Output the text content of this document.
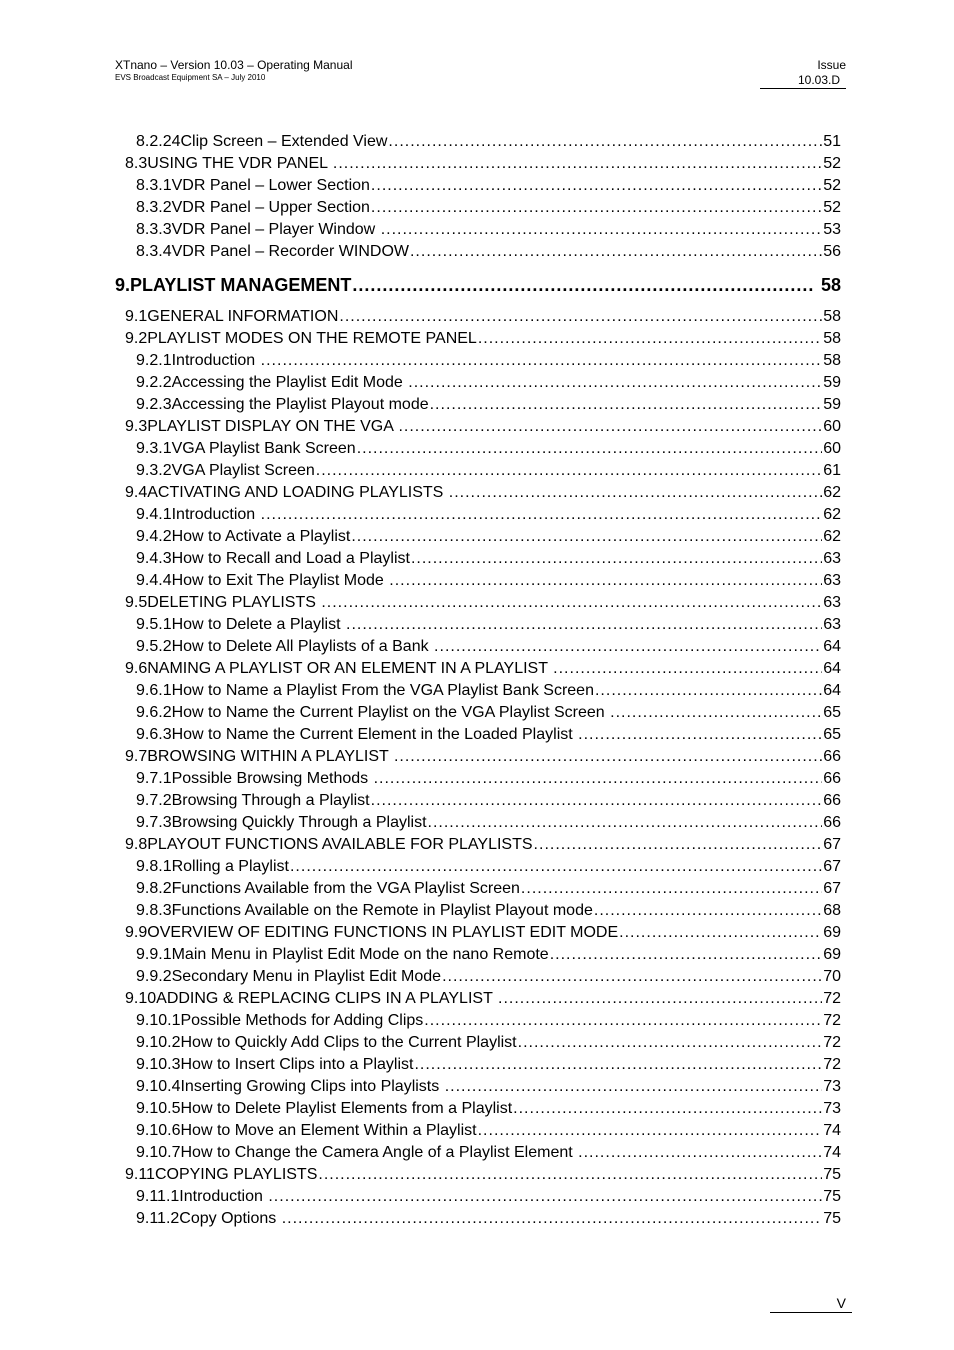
XTnano – Version 10.03 – Operating Manual
EVS Broadcast Equipment SA – July 2010
Issue
10.03.D
8.2.24 Clip Screen – Extended View .....	51
8.3 USING THE VDR PANEL .....	52
8.3.1 VDR Panel – Lower Section .....	52
8.3.2 VDR Panel – Upper Section .....	52
8.3.3 VDR Panel – Player Window .....	53
8.3.4 VDR Panel – Recorder WINDOW .....	56
9. PLAYLIST MANAGEMENT .....	58
9.1 GENERAL INFORMATION .....	58
9.2 PLAYLIST MODES ON THE REMOTE PANEL .....	58
9.2.1 Introduction .....	58
9.2.2 Accessing the Playlist Edit Mode .....	59
9.2.3 Accessing the Playlist Playout mode .....	59
9.3 PLAYLIST DISPLAY ON THE VGA .....	60
9.3.1 VGA Playlist Bank Screen .....	60
9.3.2 VGA Playlist Screen .....	61
9.4 ACTIVATING AND LOADING PLAYLISTS .....	62
9.4.1 Introduction .....	62
9.4.2 How to Activate a Playlist .....	62
9.4.3 How to Recall and Load a Playlist .....	63
9.4.4 How to Exit The Playlist Mode .....	63
9.5 DELETING PLAYLISTS .....	63
9.5.1 How to Delete a Playlist .....	63
9.5.2 How to Delete All Playlists of a Bank .....	64
9.6 NAMING A PLAYLIST OR AN ELEMENT IN A PLAYLIST .....	64
9.6.1 How to Name a Playlist From the VGA Playlist Bank Screen .....	64
9.6.2 How to Name the Current Playlist on the VGA Playlist Screen .....	65
9.6.3 How to Name the Current Element in the Loaded Playlist .....	65
9.7 BROWSING WITHIN A PLAYLIST .....	66
9.7.1 Possible Browsing Methods .....	66
9.7.2 Browsing Through a Playlist .....	66
9.7.3 Browsing Quickly Through a Playlist .....	66
9.8 PLAYOUT FUNCTIONS AVAILABLE FOR PLAYLISTS .....	67
9.8.1 Rolling a Playlist .....	67
9.8.2 Functions Available from the VGA Playlist Screen .....	67
9.8.3 Functions Available on the Remote in Playlist Playout mode .....	68
9.9 OVERVIEW OF EDITING FUNCTIONS IN PLAYLIST EDIT MODE .....	69
9.9.1 Main Menu in Playlist Edit Mode on the nano Remote .....	69
9.9.2 Secondary Menu in Playlist Edit Mode .....	70
9.10 ADDING & REPLACING CLIPS IN A PLAYLIST .....	72
9.10.1 Possible Methods for Adding Clips .....	72
9.10.2 How to Quickly Add Clips to the Current Playlist .....	72
9.10.3 How to Insert Clips into a Playlist .....	72
9.10.4 Inserting Growing Clips into Playlists .....	73
9.10.5 How to Delete Playlist Elements from a Playlist .....	73
9.10.6 How to Move an Element Within a Playlist .....	74
9.10.7 How to Change the Camera Angle of a Playlist Element .....	74
9.11 COPYING PLAYLISTS .....	75
9.11.1 Introduction .....	75
9.11.2 Copy Options .....	75
V
